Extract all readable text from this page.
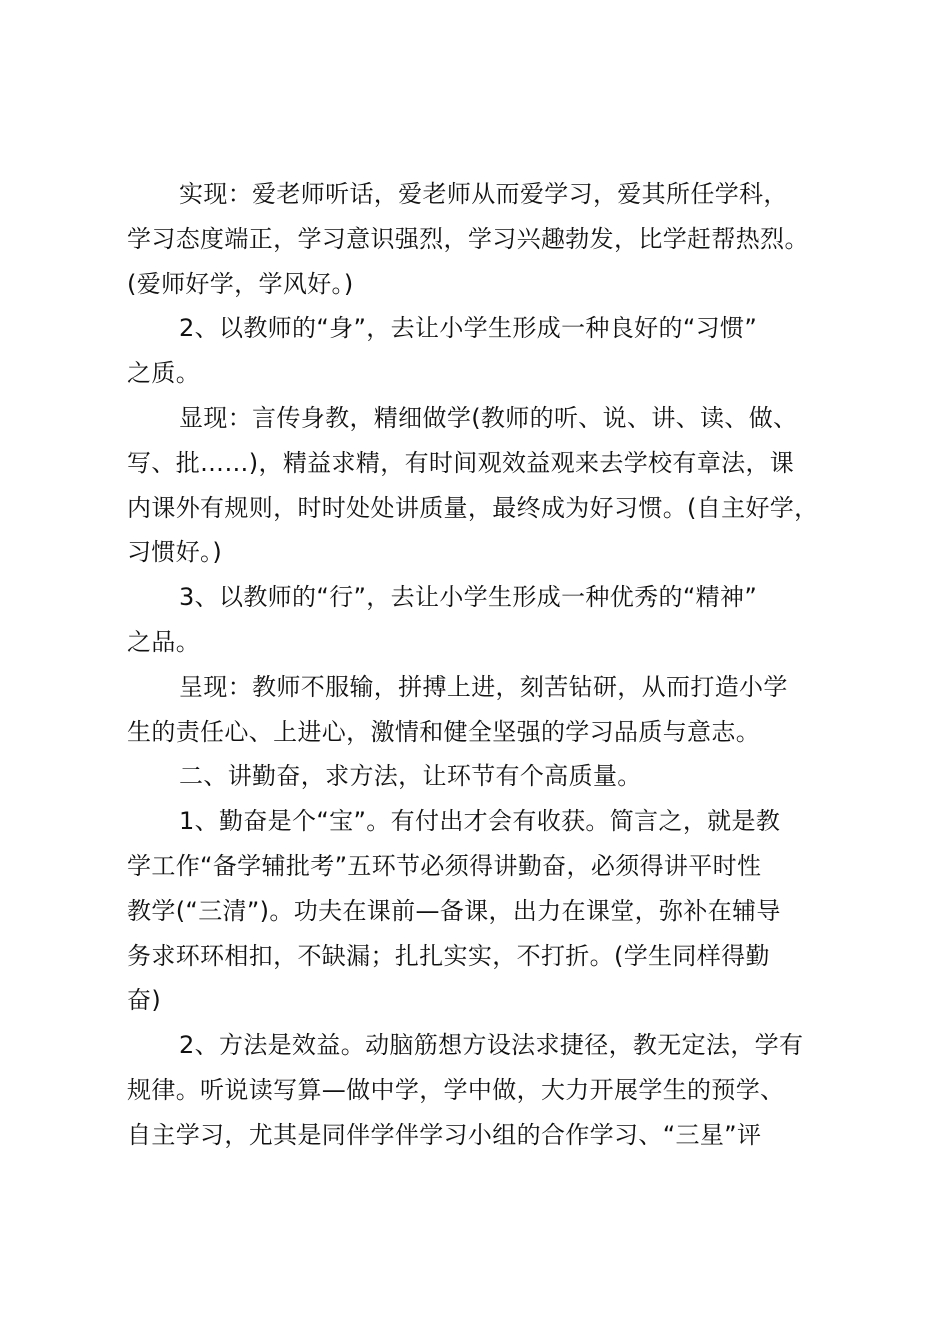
实现：爱老师听话，爱老师从而爱学习，爱其所任学科，
学习态度端正，学习意识强烈，学习兴趣勃发，比学赶帮热烈。
(爱师好学，学风好。)
2、以教师的“身”，去让小学生形成一种良好的“习惯”
之质。
显现：言传身教，精细做学(教师的听、说、讲、读、做、
写、批……)，精益求精，有时间观效益观来去学校有章法，课
内课外有规则，时时处处讲质量，最终成为好习惯。(自主好学，
习惯好。)
3、以教师的“行”，去让小学生形成一种优秀的“精神”
之品。
呈现：教师不服输，拼搏上进，刻苦钻研，从而打造小学
生的责任心、上进心，激情和健全坚强的学习品质与意志。
二、讲勤奋，求方法，让环节有个高质量。
1、勤奋是个“宝”。有付出才会有收获。简言之，就是教
学工作“备学辅批考”五环节必须得讲勤奋，必须得讲平时性
教学(“三清”)。功夫在课前—备课，出力在课堂，弥补在辅导
务求环环相扣，不缺漏；扎扎实实，不打折。(学生同样得勤
奋)
2、方法是效益。动脑筋想方设法求捷径，教无定法，学有
规律。听说读写算—做中学，学中做，大力开展学生的预学、
自主学习，尤其是同伴学伴学习小组的合作学习、“三星”评
